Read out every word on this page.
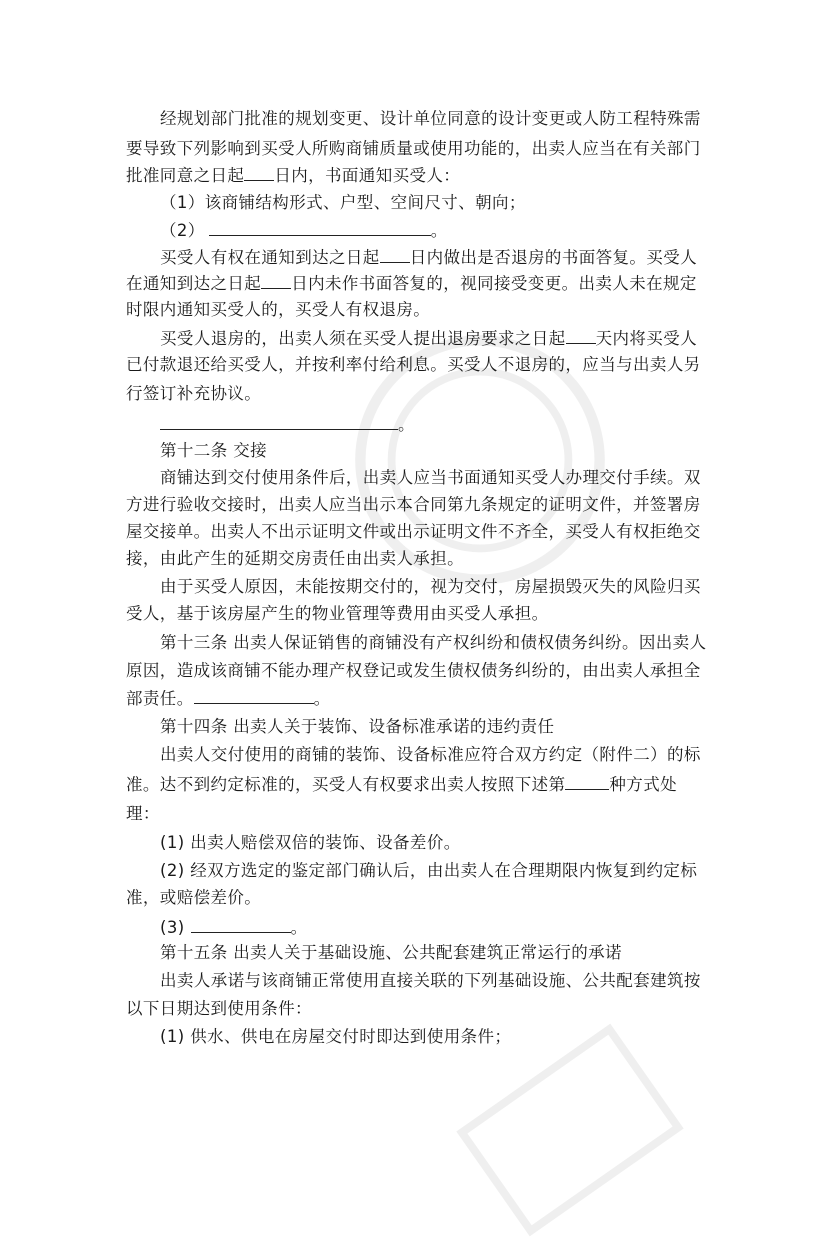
经规划部门批准的规划变更、设计单位同意的设计变更或人防工程特殊需
要导致下列影响到买受人所购商铺质量或使用功能的，出卖人应当在有关部门
批准同意之日起 日内，书面通知买受人：
（1）该商铺结构形式、户型、空间尺寸、朝向；
（2）	。
买受人有权在通知到达之日起 日内做出是否退房的书面答复。买受人
在通知到达之日起 日内未作书面答复的，视同接受变更。出卖人未在规定
时限内通知买受人的，买受人有权退房。
买受人退房的，出卖人须在买受人提出退房要求之日起 天内将买受人
已付款退还给买受人，并按利率付给利息。买受人不退房的，应当与出卖人另
行签订补充协议。
。
第十二条 交接
商铺达到交付使用条件后，出卖人应当书面通知买受人办理交付手续。双
方进行验收交接时，出卖人应当出示本合同第九条规定的证明文件，并签署房
屋交接单。出卖人不出示证明文件或出示证明文件不齐全，买受人有权拒绝交
接，由此产生的延期交房责任由出卖人承担。
由于买受人原因，未能按期交付的，视为交付，房屋损毁灭失的风险归买
受人，基于该房屋产生的物业管理等费用由买受人承担。
第十三条 出卖人保证销售的商铺没有产权纠纷和债权债务纠纷。因出卖人
原因，造成该商铺不能办理产权登记或发生债权债务纠纷的，由出卖人承担全
部责任。	。
第十四条 出卖人关于装饰、设备标准承诺的违约责任
出卖人交付使用的商铺的装饰、设备标准应符合双方约定（附件二）的标
准。达不到约定标准的，买受人有权要求出卖人按照下述第	种方式处
理：
(1) 出卖人赔偿双倍的装饰、设备差价。
(2) 经双方选定的鉴定部门确认后，由出卖人在合理期限内恢复到约定标
准，或赔偿差价。
(3)	。
第十五条 出卖人关于基础设施、公共配套建筑正常运行的承诺
出卖人承诺与该商铺正常使用直接关联的下列基础设施、公共配套建筑按
以下日期达到使用条件：
(1) 供水、供电在房屋交付时即达到使用条件；
